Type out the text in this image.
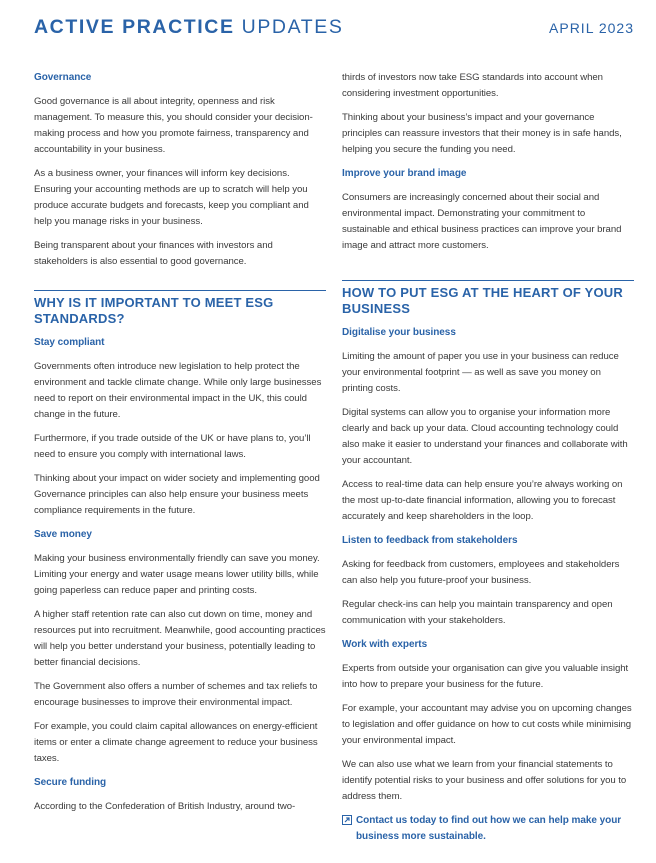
ACTIVE PRACTICE UPDATES	APRIL 2023
Governance
Good governance is all about integrity, openness and risk management. To measure this, you should consider your decision-making process and how you promote fairness, transparency and accountability in your business.
As a business owner, your finances will inform key decisions. Ensuring your accounting methods are up to scratch will help you produce accurate budgets and forecasts, keep you compliant and help you manage risks in your business.
Being transparent about your finances with investors and stakeholders is also essential to good governance.
WHY IS IT IMPORTANT TO MEET ESG STANDARDS?
Stay compliant
Governments often introduce new legislation to help protect the environment and tackle climate change. While only large businesses need to report on their environmental impact in the UK, this could change in the future.
Furthermore, if you trade outside of the UK or have plans to, you’ll need to ensure you comply with international laws.
Thinking about your impact on wider society and implementing good Governance principles can also help ensure your business meets compliance requirements in the future.
Save money
Making your business environmentally friendly can save you money. Limiting your energy and water usage means lower utility bills, while going paperless can reduce paper and printing costs.
A higher staff retention rate can also cut down on time, money and resources put into recruitment. Meanwhile, good accounting practices will help you better understand your business, potentially leading to better financial decisions.
The Government also offers a number of schemes and tax reliefs to encourage businesses to improve their environmental impact.
For example, you could claim capital allowances on energy-efficient items or enter a climate change agreement to reduce your business taxes.
Secure funding
According to the Confederation of British Industry, around two-
thirds of investors now take ESG standards into account when considering investment opportunities.
Thinking about your business’s impact and your governance principles can reassure investors that their money is in safe hands, helping you secure the funding you need.
Improve your brand image
Consumers are increasingly concerned about their social and environmental impact. Demonstrating your commitment to sustainable and ethical business practices can improve your brand image and attract more customers.
HOW TO PUT ESG AT THE HEART OF YOUR BUSINESS
Digitalise your business
Limiting the amount of paper you use in your business can reduce your environmental footprint — as well as save you money on printing costs.
Digital systems can allow you to organise your information more clearly and back up your data. Cloud accounting technology could also make it easier to understand your finances and collaborate with your accountant.
Access to real-time data can help ensure you’re always working on the most up-to-date financial information, allowing you to forecast accurately and keep shareholders in the loop.
Listen to feedback from stakeholders
Asking for feedback from customers, employees and stakeholders can also help you future-proof your business.
Regular check-ins can help you maintain transparency and open communication with your stakeholders.
Work with experts
Experts from outside your organisation can give you valuable insight into how to prepare your business for the future.
For example, your accountant may advise you on upcoming changes to legislation and offer guidance on how to cut costs while minimising your environmental impact.
We can also use what we learn from your financial statements to identify potential risks to your business and offer solutions for you to address them.
Contact us today to find out how we can help make your business more sustainable.
